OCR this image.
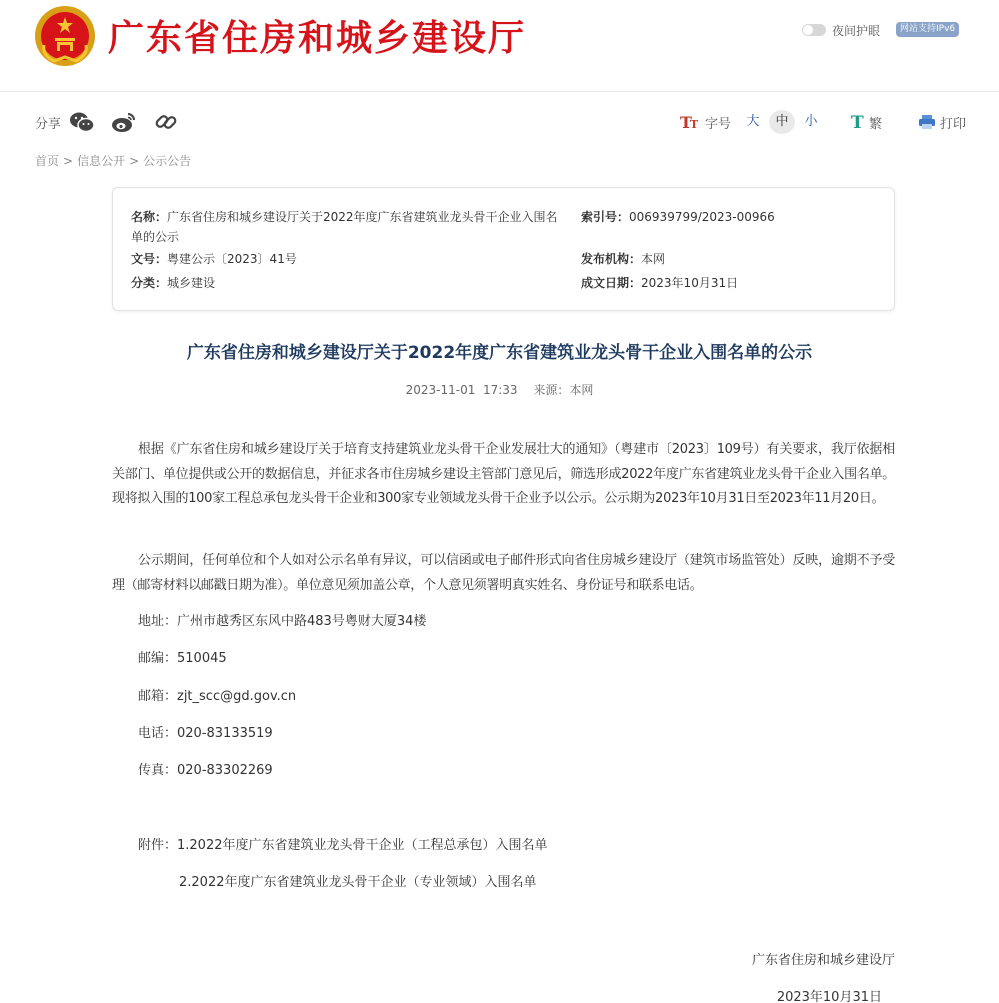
广东省住房和城乡建设厅	夜间护眼	网站支持IPv6
分享	T
T 字号	大	中	小	T 繁	打印
首页 > 信息公开 > 公示公告
名称：广东省住房和城乡建设厅关于2022年度广东省建筑业龙头骨干企业入围名单的公示
索引号：006939799/2023-00966
文号：粤建公示〔2023〕41号	发布机构：本网
分类：城乡建设	成文日期：2023年10月31日
广东省住房和城乡建设厅关于2022年度广东省建筑业龙头骨干企业入围名单的公示
2023-11-01  17:33 来源：本网

根据《广东省住房和城乡建设厅关于培育支持建筑业龙头骨干企业发展壮大的通知》（粤建市〔2023〕109号）有关要求，我厅依据相关部门、单位提供或公开的数据信息，并征求各市住房城乡建设主管部门意见后，筛选形成2022年度广东省建筑业龙头骨干企业入围名单。现将拟入围的100家工程总承包龙头骨干企业和300家专业领域龙头骨干企业予以公示。公示期为2023年10月31日至2023年11月20日。

公示期间，任何单位和个人如对公示名单有异议，可以信函或电子邮件形式向省住房城乡建设厅（建筑市场监管处）反映，逾期不予受理（邮寄材料以邮戳日期为准）。单位意见须加盖公章，个人意见须署明真实姓名、身份证号和联系电话。

地址：广州市越秀区东风中路483号粤财大厦34楼
邮编：510045
邮箱：zjt_scc@gd.gov.cn
电话：020-83133519
传真：020-83302269
附件：1.2022年度广东省建筑业龙头骨干企业（工程总承包）入围名单
2.2022年度广东省建筑业龙头骨干企业（专业领域）入围名单
广东省住房和城乡建设厅
2023年10月31日
